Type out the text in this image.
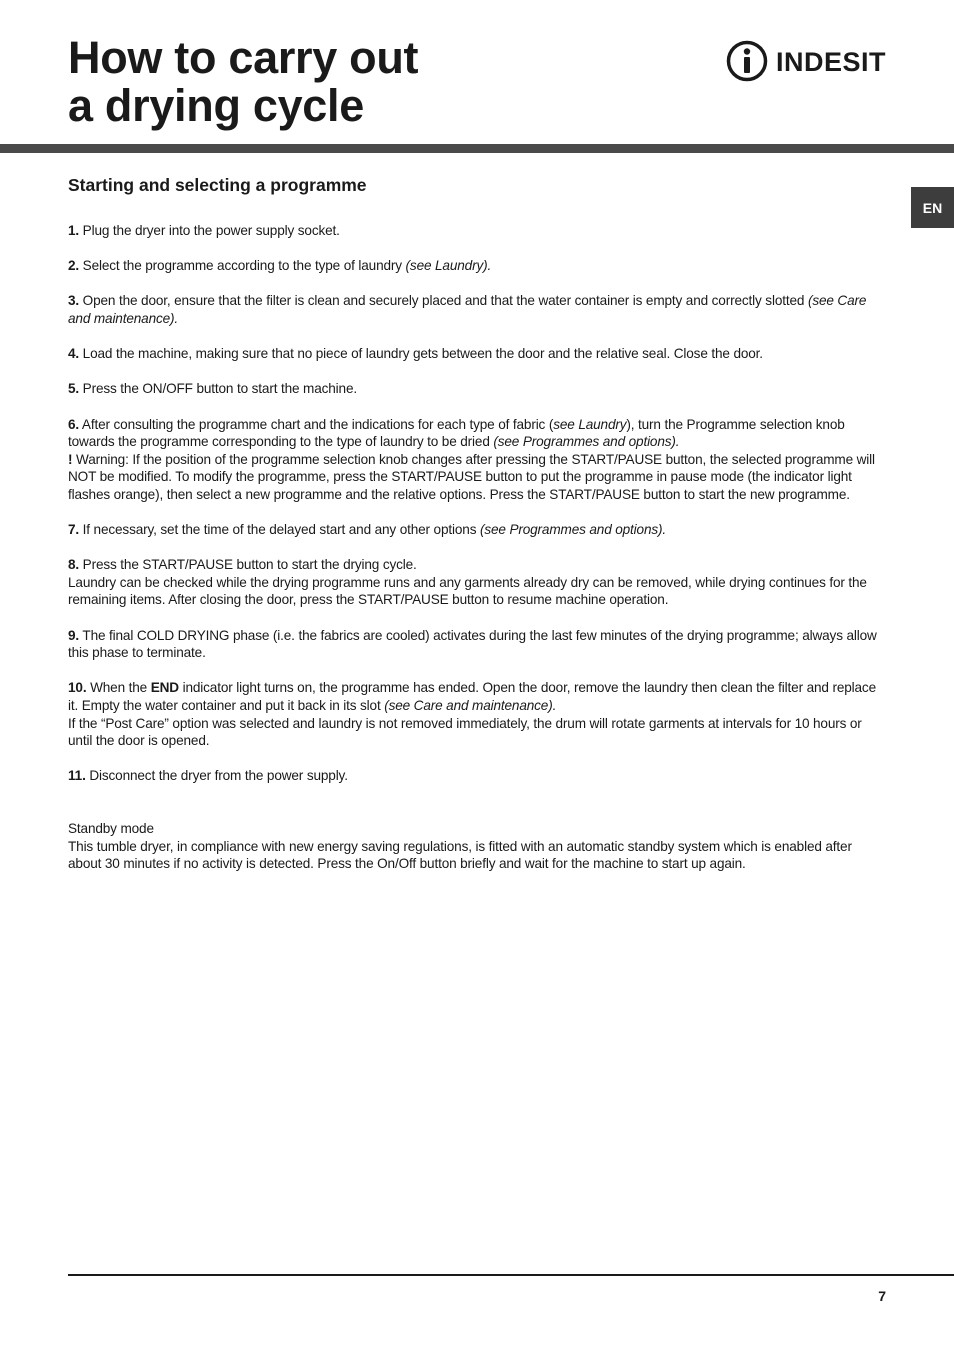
How to carry out
a drying cycle
INDESIT
EN
Starting and selecting a programme

1. Plug the dryer into the power supply socket.

2. Select the programme according to the type of laundry (see Laundry).

3. Open the door, ensure that the filter is clean and securely placed and that the water container is empty and correctly slotted (see Care and maintenance).

4. Load the machine, making sure that no piece of laundry gets between the door and the relative seal. Close the door.

5. Press the ON/OFF button to start the machine.

6. After consulting the programme chart and the indications for each type of fabric (see Laundry), turn the Programme selection knob towards the programme corresponding to the type of laundry to be dried (see Programmes and options).
! Warning: If the position of the programme selection knob changes after pressing the START/PAUSE button, the selected programme will NOT be modified. To modify the programme, press the START/PAUSE button to put the programme in pause mode (the indicator light flashes orange), then select a new programme and the relative options. Press the START/PAUSE button to start the new programme.

7. If necessary, set the time of the delayed start and any other options (see Programmes and options).

8. Press the START/PAUSE button to start the drying cycle.
Laundry can be checked while the drying programme runs and any garments already dry can be removed, while drying continues for the remaining items. After closing the door, press the START/PAUSE button to resume machine operation.

9. The final COLD DRYING phase (i.e. the fabrics are cooled) activates during the last few minutes of the drying programme; always allow this phase to terminate.

10. When the END indicator light turns on, the programme has ended. Open the door, remove the laundry then clean the filter and replace it. Empty the water container and put it back in its slot (see Care and maintenance).
If the “Post Care” option was selected and laundry is not removed immediately, the drum will rotate garments at intervals for 10 hours or until the door is opened.

11. Disconnect the dryer from the power supply.

Standby mode

This tumble dryer, in compliance with new energy saving regulations, is fitted with an automatic standby system which is enabled after about 30 minutes if no activity is detected. Press the On/Off button briefly and wait for the machine to start up again.

7
